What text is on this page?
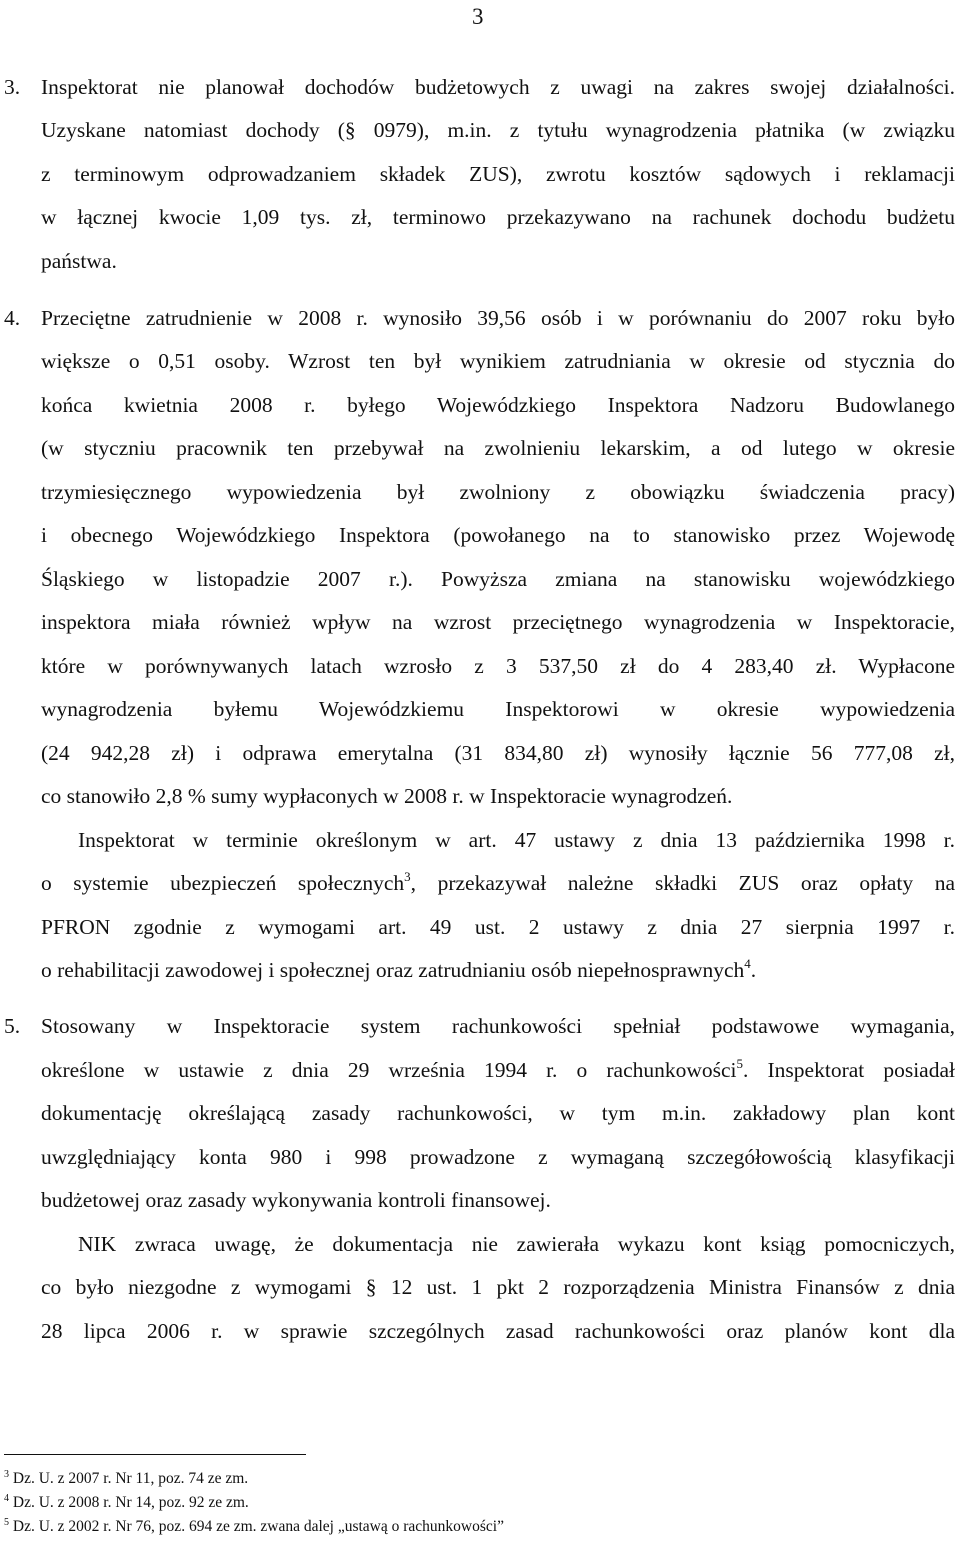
3
3. Inspektorat nie planował dochodów budżetowych z uwagi na zakres swojej działalności.
Uzyskane natomiast dochody (§ 0979), m.in. z tytułu wynagrodzenia płatnika (w związku
z terminowym odprowadzaniem składek ZUS), zwrotu kosztów sądowych i reklamacji
w łącznej kwocie 1,09 tys. zł, terminowo przekazywano na rachunek dochodu budżetu
państwa.
4. Przeciętne zatrudnienie w 2008 r. wynosiło 39,56 osób i w porównaniu do 2007 roku było
większe o 0,51 osoby. Wzrost ten był wynikiem zatrudniania w okresie od stycznia do
końca kwietnia 2008 r. byłego Wojewódzkiego Inspektora Nadzoru Budowlanego
(w styczniu pracownik ten przebywał na zwolnieniu lekarskim, a od lutego w okresie
trzymiesięcznego wypowiedzenia był zwolniony z obowiązku świadczenia pracy)
i obecnego Wojewódzkiego Inspektora (powołanego na to stanowisko przez Wojewodę
Śląskiego w listopadzie 2007 r.). Powyższa zmiana na stanowisku wojewódzkiego
inspektora miała również wpływ na wzrost przeciętnego wynagrodzenia w Inspektoracie,
które w porównywanych latach wzrosło z 3 537,50 zł do 4 283,40 zł. Wypłacone
wynagrodzenia byłemu Wojewódzkiemu Inspektorowi w okresie wypowiedzenia
(24 942,28 zł) i odprawa emerytalna (31 834,80 zł) wynosiły łącznie 56 777,08 zł,
co stanowiło 2,8 % sumy wypłaconych w 2008 r. w Inspektoracie wynagrodzeń.
Inspektorat w terminie określonym w art. 47 ustawy z dnia 13 października 1998 r.
o systemie ubezpieczeń społecznych$^3$, przekazywał należne składki ZUS oraz opłaty na
PFRON zgodnie z wymogami art. 49 ust. 2 ustawy z dnia 27 sierpnia 1997 r.
o rehabilitacji zawodowej i społecznej oraz zatrudnianiu osób niepełnosprawnych$^4$.
5. Stosowany w Inspektoracie system rachunkowości spełniał podstawowe wymagania,
określone w ustawie z dnia 29 września 1994 r. o rachunkowości$^5$. Inspektorat posiadał
dokumentację określającą zasady rachunkowości, w tym m.in. zakładowy plan kont
uwzględniający konta 980 i 998 prowadzone z wymaganą szczegółowością klasyfikacji
budżetowej oraz zasady wykonywania kontroli finansowej.
NIK zwraca uwagę, że dokumentacja nie zawierała wykazu kont ksiąg pomocniczych,
co było niezgodne z wymogami § 12 ust. 1 pkt 2 rozporządzenia Ministra Finansów z dnia
28 lipca 2006 r. w sprawie szczególnych zasad rachunkowości oraz planów kont dla
$^3$ Dz. U. z 2007 r. Nr 11, poz. 74 ze zm.
$^4$ Dz. U. z 2008 r. Nr 14, poz. 92 ze zm.
$^5$ Dz. U. z 2002 r. Nr 76, poz. 694 ze zm. zwana dalej „ustawą o rachunkowości”
